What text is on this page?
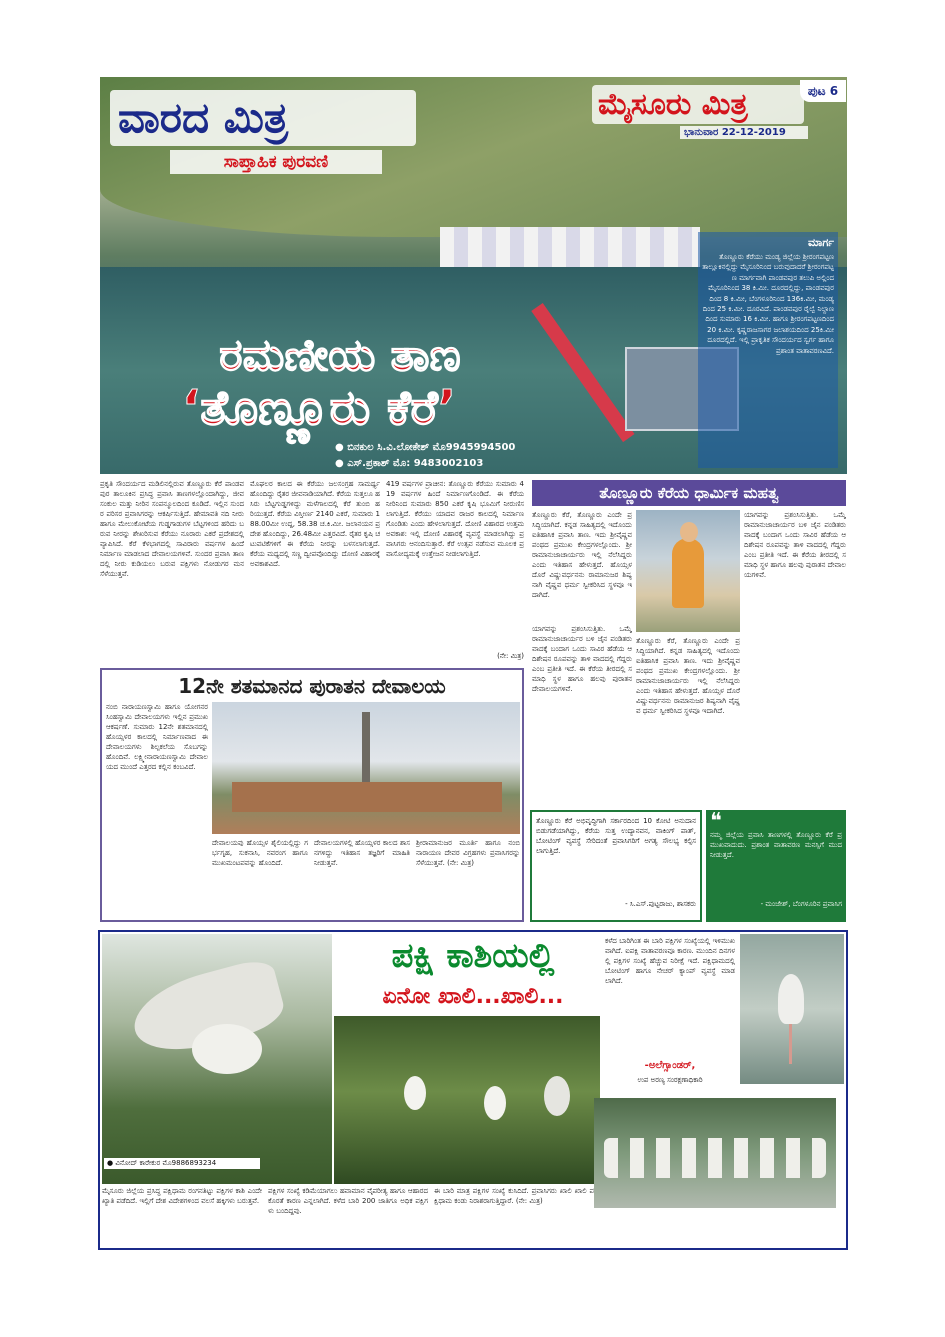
ಪುಟ 6
ವಾರದ ಮಿತ್ರ
ಸಾಪ್ತಾಹಿಕ ಪುರವಣಿ
ಮೈಸೂರು ಮಿತ್ರ
ಭಾನುವಾರ 22-12-2019
ಮಾರ್ಗ
ತೊಣ್ಣೂರು ಕೆರೆಯು ಮಂಡ್ಯ ಜಿಲ್ಲೆಯ ಶ್ರೀರಂಗಪಟ್ಟಣ ತಾಲ್ಲೂಕಿನಲ್ಲಿದ್ದು ಮೈಸೂರಿನಿಂದ ಬರುವುದಾದರೆ ಶ್ರೀರಂಗಪಟ್ಟಣ ಮಾರ್ಗವಾಗಿ ಪಾಂಡವಪುರ ತಲುಪಿ ಅಲ್ಲಿಂದ ಮೈಸೂರಿನಿಂದ 38 ಕಿ.ಮೀ. ದೂರದಲ್ಲಿದ್ದು, ಪಾಂಡವಪುರದಿಂದ 8 ಕಿ.ಮೀ, ಬೆಂಗಳೂರಿನಿಂದ 136ಕಿ.ಮೀ, ಮಂಡ್ಯದಿಂದ 25 ಕಿ.ಮೀ. ದೂರವಿದೆ. ಪಾಂಡವಪುರ ರೈಲ್ವೆ ನಿಲ್ದಾಣದಿಂದ ಸುಮಾರು 16 ಕಿ.ಮೀ. ಹಾಗೂ ಶ್ರೀರಂಗಪಟ್ಟಣದಿಂದ 20 ಕಿ.ಮೀ. ಕೃಷ್ಣರಾಜಸಾಗರ ಜಲಾಶಯದಿಂದ 25ಕಿ.ಮೀ ದೂರದಲ್ಲಿದೆ. ಇಲ್ಲಿ ಪ್ರಾಕೃತಿಕ ಸೌಂದರ್ಯದ ಸ್ವರ್ಗ ಹಾಗೂ ಪ್ರಶಾಂತ ವಾತಾವರಣವಿದೆ.
ರಮಣೀಯ ತಾಣ
‘ತೊಣ್ಣೂರು ಕೆರೆ’
● ಬಿನಕುಲ ಸಿ.ವಿ.ಲೋಕೇಶ್ ಮೊ9945994500
● ಎಸ್.ಪ್ರಕಾಶ್ ಮೊ: 9483002103
ಪ್ರಕೃತಿ ಸೌಂದರ್ಯದ ಮಡಿಲಿನಲ್ಲಿರುವ ತೊಣ್ಣೂರು ಕೆರೆ ಪಾಂಡವಪುರ ತಾಲೂಕಿನ ಪ್ರಸಿದ್ಧ ಪ್ರವಾಸಿ ತಾಣಗಳಲ್ಲೊಂದಾಗಿದ್ದು, ಜೀವಸಂಕುಲ ಮತ್ತು ನೀರಿನ ಸಂಪನ್ಮೂಲದಿಂದ ಕೂಡಿದೆ. ಇಲ್ಲಿನ ಸುಂದರ ಪರಿಸರ ಪ್ರವಾಸಿಗರನ್ನು ಆಕರ್ಷಿಸುತ್ತಿದೆ. ಹೇಮಾವತಿ ನದಿ ನೀರು ಹಾಗೂ ಮೇಲುಕೋಟೆಯ ಗುಡ್ಡಗಾಡುಗಳ ಬೆಟ್ಟಗಳಿಂದ ಹರಿದು ಬರುವ ನೀರನ್ನು ಶೇಖರಿಸುವ ಕೆರೆಯು ನೂರಾರು ಎಕರೆ ಪ್ರದೇಶದಲ್ಲಿ ವ್ಯಾಪಿಸಿದೆ. ಕೆರೆ ಕೆಳಭಾಗದಲ್ಲಿ ಸಾವಿರಾರು ವರ್ಷಗಳ ಹಿಂದೆ ನಿರ್ಮಾಣ ಮಾಡಲಾದ ದೇವಾಲಯಗಳಿವೆ. ಸುಂದರ ಪ್ರವಾಸಿ ತಾಣದಲ್ಲಿ ನೀರು ಕುಡಿಯಲು ಬರುವ ಪಕ್ಷಿಗಳು ನೋಡುಗರ ಮನ ಸೆಳೆಯುತ್ತವೆ.
ಮೊಘಲರ ಕಾಲದ ಈ ಕೆರೆಯು ಜಲಸಂಗ್ರಹ ಸಾಮರ್ಥ್ಯ ಹೊಂದಿದ್ದು ರೈತರ ಜೀವನಾಡಿಯಾಗಿದೆ. ಕೆರೆಯ ಸುತ್ತಲೂ ಹಸಿರು ಬೆಟ್ಟಗುಡ್ಡಗಳಿದ್ದು ಮಳೆಗಾಲದಲ್ಲಿ ಕೆರೆ ತುಂಬಿ ಹರಿಯುತ್ತದೆ. ಕೆರೆಯ ವಿಸ್ತೀರ್ಣ 2140 ಎಕರೆ, ಸುಮಾರು 188.00ಮೀ ಉದ್ದ, 58.38 ಚ.ಕಿ.ಮೀ. ಜಲಾನಯನ ಪ್ರದೇಶ ಹೊಂದಿದ್ದು, 26.48ಮೀ ಎತ್ತರವಿದೆ. ರೈತರ ಕೃಷಿ ಚಟುವಟಿಕೆಗಳಿಗೆ ಈ ಕೆರೆಯ ನೀರನ್ನು ಬಳಸಲಾಗುತ್ತದೆ. ಕೆರೆಯ ಮಧ್ಯದಲ್ಲಿ ಸಣ್ಣ ದ್ವೀಪವೊಂದಿದ್ದು ದೋಣಿ ವಿಹಾರಕ್ಕೆ ಅವಕಾಶವಿದೆ.
419 ವರ್ಷಗಳ ಪ್ರಾಚೀನ: ತೊಣ್ಣೂರು ಕೆರೆಯು ಸುಮಾರು 419 ವರ್ಷಗಳ ಹಿಂದೆ ನಿರ್ಮಾಣಗೊಂಡಿದೆ. ಈ ಕೆರೆಯ ನೀರಿನಿಂದ ಸುಮಾರು 850 ಎಕರೆ ಕೃಷಿ ಭೂಮಿಗೆ ನೀರುಣಿಸಲಾಗುತ್ತಿದೆ. ಕೆರೆಯು ಯಾದವ ರಾಜರ ಕಾಲದಲ್ಲಿ ನಿರ್ಮಾಣಗೊಂಡಿತು ಎಂದು ಹೇಳಲಾಗುತ್ತದೆ. ದೋಣಿ ವಿಹಾರದ ಉತ್ತಮ ಅವಕಾಶ: ಇಲ್ಲಿ ದೋಣಿ ವಿಹಾರಕ್ಕೆ ವ್ಯವಸ್ಥೆ ಮಾಡಲಾಗಿದ್ದು ಪ್ರವಾಸಿಗರು ಆನಂದಿಸುತ್ತಾರೆ. ಕೆರೆ ಉತ್ಸವ ನಡೆಸುವ ಮೂಲಕ ಪ್ರವಾಸೋದ್ಯಮಕ್ಕೆ ಉತ್ತೇಜನ ನೀಡಲಾಗುತ್ತಿದೆ.
(ನೇ: ಮಿತ್ರ)
ತೊಣ್ಣೂರು ಕೆರೆಯ ಧಾರ್ಮಿಕ ಮಹತ್ವ
ತೊಣ್ಣೂರು ಕೆರೆ, ತೊಣ್ಣೂರು ಎಂದೇ ಪ್ರಸಿದ್ಧಿಯಾಗಿದೆ. ಕನ್ನಡ ಸಾಹಿತ್ಯದಲ್ಲಿ ಇದೊಂದು ಐತಿಹಾಸಿಕ ಪ್ರವಾಸಿ ತಾಣ. ಇದು ಶ್ರೀವೈಷ್ಣವ ಪಂಥದ ಪ್ರಮುಖ ಕೇಂದ್ರಗಳಲ್ಲೊಂದು. ಶ್ರೀ ರಾಮಾನುಜಾಚಾರ್ಯರು ಇಲ್ಲಿ ನೆಲೆಸಿದ್ದರು ಎಂದು ಇತಿಹಾಸ ಹೇಳುತ್ತದೆ. ಹೊಯ್ಸಳ ದೊರೆ ವಿಷ್ಣುವರ್ಧನನು ರಾಮಾನುಜರ ಶಿಷ್ಯನಾಗಿ ವೈಷ್ಣವ ಧರ್ಮ ಸ್ವೀಕರಿಸಿದ ಸ್ಥಳವೂ ಇದಾಗಿದೆ.
ಯಾಗವನ್ನು ಪ್ರಶಂಸಿಸುತ್ತಿತು. ಒಮ್ಮೆ ರಾಮಾನುಜಾಚಾರ್ಯರ ಬಳಿ ಜೈನ ಪಂಡಿತರು ವಾದಕ್ಕೆ ಬಂದಾಗ ಒಂದು ಸಾವಿರ ಹೆಡೆಯ ಆದಿಶೇಷನ ರೂಪವನ್ನು ತಾಳಿ ವಾದದಲ್ಲಿ ಗೆದ್ದರು ಎಂಬ ಪ್ರತೀತಿ ಇದೆ. ಈ ಕೆರೆಯ ತೀರದಲ್ಲಿ ಸಮಾಧಿ ಸ್ಥಳ ಹಾಗೂ ಹಲವು ಪುರಾತನ ದೇವಾಲಯಗಳಿವೆ.
ತೊಣ್ಣೂರು ಕೆರೆ, ತೊಣ್ಣೂರು ಎಂದೇ ಪ್ರಸಿದ್ಧಿಯಾಗಿದೆ. ಕನ್ನಡ ಸಾಹಿತ್ಯದಲ್ಲಿ ಇದೊಂದು ಐತಿಹಾಸಿಕ ಪ್ರವಾಸಿ ತಾಣ. ಇದು ಶ್ರೀವೈಷ್ಣವ ಪಂಥದ ಪ್ರಮುಖ ಕೇಂದ್ರಗಳಲ್ಲೊಂದು. ಶ್ರೀ ರಾಮಾನುಜಾಚಾರ್ಯರು ಇಲ್ಲಿ ನೆಲೆಸಿದ್ದರು ಎಂದು ಇತಿಹಾಸ ಹೇಳುತ್ತದೆ. ಹೊಯ್ಸಳ ದೊರೆ ವಿಷ್ಣುವರ್ಧನನು ರಾಮಾನುಜರ ಶಿಷ್ಯನಾಗಿ ವೈಷ್ಣವ ಧರ್ಮ ಸ್ವೀಕರಿಸಿದ ಸ್ಥಳವೂ ಇದಾಗಿದೆ.
ಯಾಗವನ್ನು ಪ್ರಶಂಸಿಸುತ್ತಿತು. ಒಮ್ಮೆ ರಾಮಾನುಜಾಚಾರ್ಯರ ಬಳಿ ಜೈನ ಪಂಡಿತರು ವಾದಕ್ಕೆ ಬಂದಾಗ ಒಂದು ಸಾವಿರ ಹೆಡೆಯ ಆದಿಶೇಷನ ರೂಪವನ್ನು ತಾಳಿ ವಾದದಲ್ಲಿ ಗೆದ್ದರು ಎಂಬ ಪ್ರತೀತಿ ಇದೆ. ಈ ಕೆರೆಯ ತೀರದಲ್ಲಿ ಸಮಾಧಿ ಸ್ಥಳ ಹಾಗೂ ಹಲವು ಪುರಾತನ ದೇವಾಲಯಗಳಿವೆ.
12ನೇ ಶತಮಾನದ ಪುರಾತನ ದೇವಾಲಯ
ನಂಬಿ ನಾರಾಯಣಸ್ವಾಮಿ ಹಾಗೂ ಯೋಗನರಸಿಂಹಸ್ವಾಮಿ ದೇವಾಲಯಗಳು ಇಲ್ಲಿನ ಪ್ರಮುಖ ಆಕರ್ಷಣೆ. ಸುಮಾರು 12ನೇ ಶತಮಾನದಲ್ಲಿ ಹೊಯ್ಸಳರ ಕಾಲದಲ್ಲಿ ನಿರ್ಮಾಣವಾದ ಈ ದೇವಾಲಯಗಳು ಶಿಲ್ಪಕಲೆಯ ಸೊಬಗನ್ನು ಹೊಂದಿವೆ. ಲಕ್ಷ್ಮೀನಾರಾಯಣಸ್ವಾಮಿ ದೇವಾಲಯದ ಮುಂದೆ ಎತ್ತರದ ಕಲ್ಲಿನ ಕಂಬವಿದೆ.
ದೇವಾಲಯವು ಹೊಯ್ಸಳ ಶೈಲಿಯಲ್ಲಿದ್ದು ಗರ್ಭಗೃಹ, ಸುಕನಾಸಿ, ನವರಂಗ ಹಾಗೂ ಮುಖಮಂಟಪವನ್ನು ಹೊಂದಿದೆ.
ದೇವಾಲಯಗಳಲ್ಲಿ ಹೊಯ್ಸಳರ ಕಾಲದ ಶಾಸನಗಳಿದ್ದು ಇತಿಹಾಸ ತಜ್ಞರಿಗೆ ಮಾಹಿತಿ ನೀಡುತ್ತವೆ.
ಶ್ರೀರಾಮಾನುಜರ ಮೂರ್ತಿ ಹಾಗೂ ನಂಬಿ ನಾರಾಯಣ ದೇವರ ವಿಗ್ರಹಗಳು ಪ್ರವಾಸಿಗರನ್ನು ಸೆಳೆಯುತ್ತವೆ. (ನೇ: ಮಿತ್ರ)
ತೊಣ್ಣೂರು ಕೆರೆ ಅಭಿವೃದ್ಧಿಗಾಗಿ ಸರ್ಕಾರದಿಂದ 10 ಕೋಟಿ ಅನುದಾನ ಬಿಡುಗಡೆಯಾಗಿದ್ದು, ಕೆರೆಯ ಸುತ್ತ ಉದ್ಯಾನವನ, ವಾಕಿಂಗ್ ಪಾತ್, ಬೋಟಿಂಗ್ ವ್ಯವಸ್ಥೆ ಸೇರಿದಂತೆ ಪ್ರವಾಸಿಗರಿಗೆ ಅಗತ್ಯ ಸೌಲಭ್ಯ ಕಲ್ಪಿಸಲಾಗುತ್ತಿದೆ.
- ಸಿ.ಎಸ್.ಪುಟ್ಟರಾಜು, ಶಾಸಕರು
❝
ನಮ್ಮ ಜಿಲ್ಲೆಯ ಪ್ರವಾಸಿ ತಾಣಗಳಲ್ಲಿ ತೊಣ್ಣೂರು ಕೆರೆ ಪ್ರಮುಖವಾದುದು. ಪ್ರಶಾಂತ ವಾತಾವರಣ ಮನಸ್ಸಿಗೆ ಮುದ ನೀಡುತ್ತದೆ.
- ಮಂಜೇಶ್, ಬೆಂಗಳೂರಿನ ಪ್ರವಾಸಿಗ
● ವಿನೋದ್ ಕಾರೇಕುರ ಮೊ9886893234
ಪಕ್ಷಿ ಕಾಶಿಯಲ್ಲಿ
ಏನೋ ಖಾಲಿ...ಖಾಲಿ...
ಕಳೆದ ಬಾರಿಗಿಂತ ಈ ಬಾರಿ ಪಕ್ಷಿಗಳ ಸಂಖ್ಯೆಯಲ್ಲಿ ಇಳಿಮುಖವಾಗಿದೆ. ಐಪಕ್ಷಿ ವಾತಾವರಣವೂ ಕಾರಣ. ಮುಂದಿನ ದಿನಗಳಲ್ಲಿ ಪಕ್ಷಿಗಳ ಸಂಖ್ಯೆ ಹೆಚ್ಚುವ ನಿರೀಕ್ಷೆ ಇದೆ. ಪಕ್ಷಿಧಾಮದಲ್ಲಿ ಬೋಟಿಂಗ್ ಹಾಗೂ ನೇಚರ್ ಕ್ಯಾಂಪ್ ವ್ಯವಸ್ಥೆ ಮಾಡಲಾಗಿದೆ.
-ಅಲೆಗ್ಸಾಂಡರ್,
ಉಪ ಅರಣ್ಯ ಸಂರಕ್ಷಣಾಧಿಕಾರಿ
ಮೈಸೂರು ಜಿಲ್ಲೆಯ ಪ್ರಸಿದ್ಧ ಪಕ್ಷಿಧಾಮ ರಂಗನತಿಟ್ಟು ಪಕ್ಷಿಗಳ ಕಾಶಿ ಎಂದೇ ಖ್ಯಾತಿ ಪಡೆದಿದೆ. ಇಲ್ಲಿಗೆ ದೇಶ ವಿದೇಶಗಳಿಂದ ವಲಸೆ ಹಕ್ಕಿಗಳು ಬರುತ್ತವೆ.
ಪಕ್ಷಿಗಳ ಸಂಖ್ಯೆ ಕಡಿಮೆಯಾಗಲು ಹವಾಮಾನ ವೈಪರೀತ್ಯ ಹಾಗೂ ಆಹಾರದ ಕೊರತೆ ಕಾರಣ ಎನ್ನಲಾಗಿದೆ. ಕಳೆದ ಬಾರಿ 200 ಜಾತಿಗೂ ಅಧಿಕ ಪಕ್ಷಿಗಳು ಬಂದಿದ್ದವು.
ಈ ಬಾರಿ ಮಾತ್ರ ಪಕ್ಷಿಗಳ ಸಂಖ್ಯೆ ಕುಸಿದಿದೆ. ಪ್ರವಾಸಿಗರು ಖಾಲಿ ಖಾಲಿ ಪಕ್ಷಿಧಾಮ ಕಂಡು ನಿರಾಶರಾಗುತ್ತಿದ್ದಾರೆ. (ನೇ: ಮಿತ್ರ)
